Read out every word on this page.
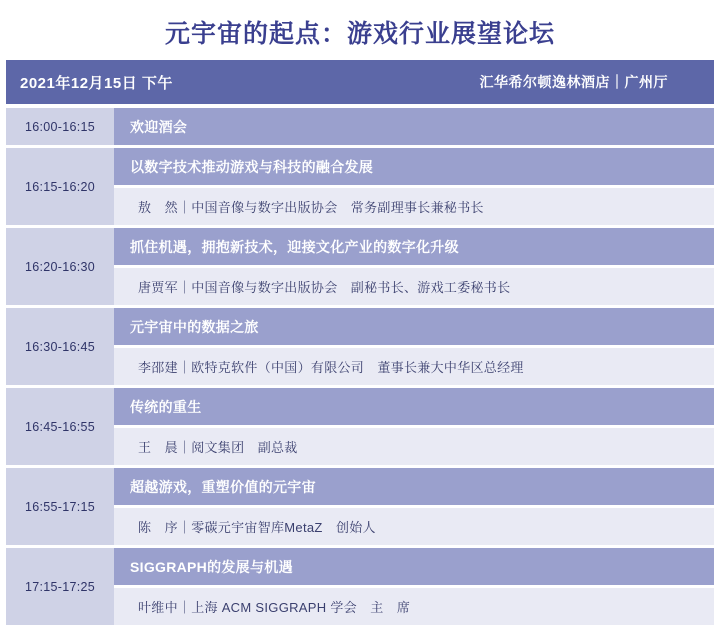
元宇宙的起点：游戏行业展望论坛
2021年12月15日 下午	汇华希尔顿逸林酒店｜广州厅
16:00-16:15	欢迎酒会
16:15-16:20
以数字技术推动游戏与科技的融合发展
敖　然｜中国音像与数字出版协会　常务副理事长兼秘书长
16:20-16:30
抓住机遇，拥抱新技术，迎接文化产业的数字化升级
唐贾军｜中国音像与数字出版协会　副秘书长、游戏工委秘书长
16:30-16:45
元宇宙中的数据之旅
李邵建｜欧特克软件（中国）有限公司　董事长兼大中华区总经理
16:45-16:55
传统的重生
王　晨｜阅文集团　副总裁
16:55-17:15
超越游戏，重塑价值的元宇宙
陈　序｜零碳元宇宙智库MetaZ　创始人
17:15-17:25
SIGGRAPH的发展与机遇
叶维中｜上海 ACM SIGGRAPH 学会　主　席
